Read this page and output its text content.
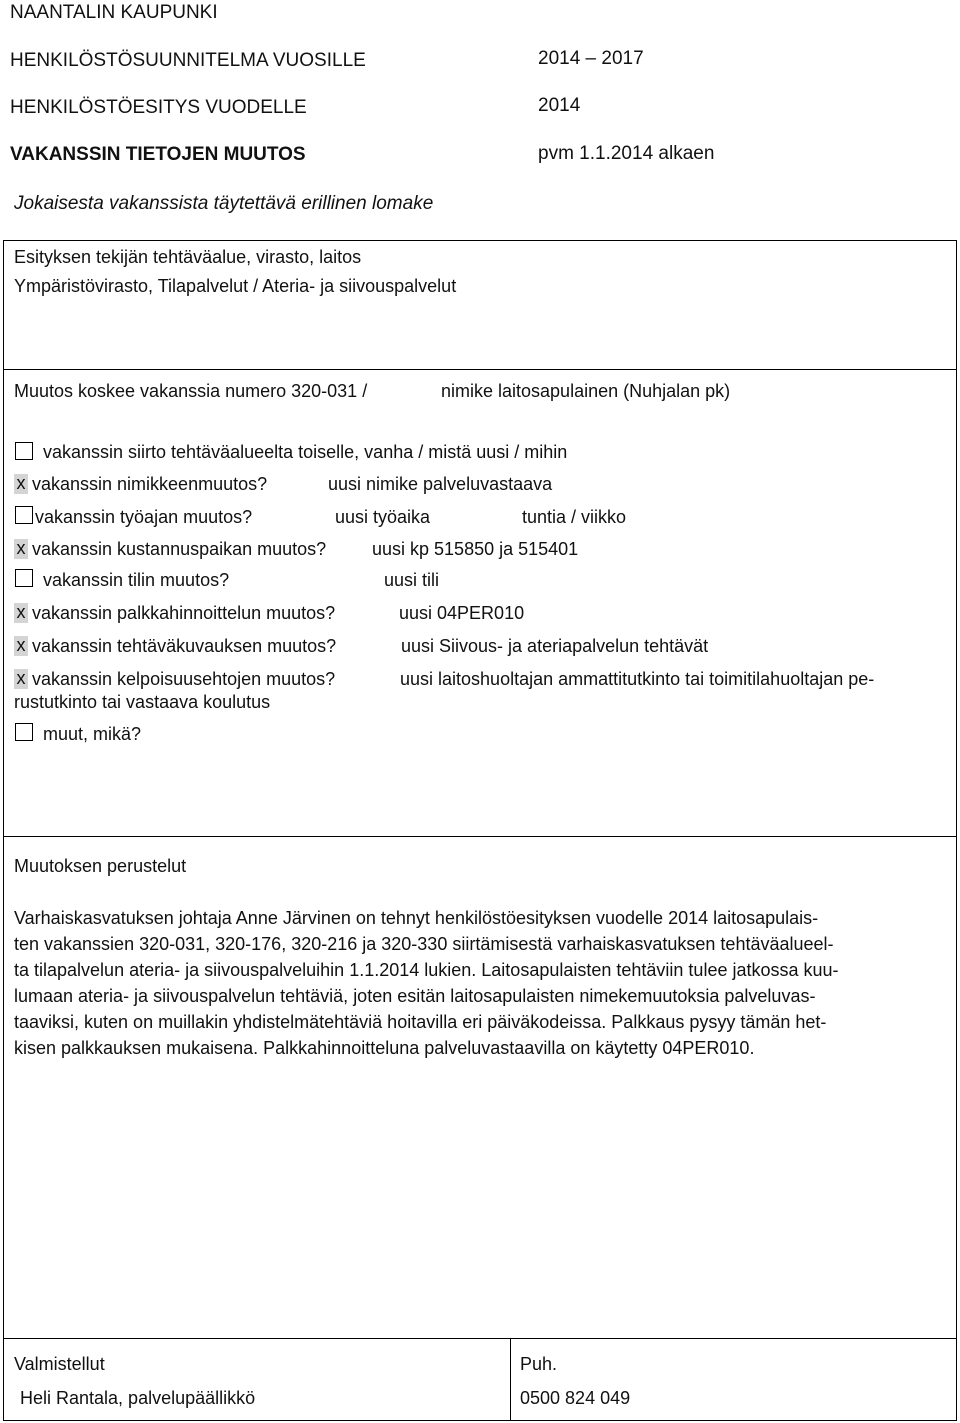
NAANTALIN KAUPUNKI
HENKILÖSTÖSUUNNITELMA VUOSILLE	2014 – 2017
HENKILÖSTÖESITYS VUODELLE	2014
VAKANSSIN TIETOJEN MUUTOS	pvm 1.1.2014 alkaen
Jokaisesta vakanssista täytettävä erillinen lomake
Esityksen tekijän tehtäväalue, virasto, laitos
Ympäristövirasto, Tilapalvelut / Ateria- ja siivouspalvelut
Muutos koskee vakanssia numero 320-031 /	nimike laitosapulainen (Nuhjalan pk)
vakanssin siirto tehtäväalueelta toiselle, vanha / mistä uusi / mihin
x vakanssin nimikkeenmuutos?	uusi nimike palveluvastaava
vakanssin työajan muutos?	uusi työaika	tuntia / viikko
x vakanssin kustannuspaikan muutos?	uusi kp 515850 ja 515401
vakanssin tilin muutos?	uusi tili
x vakanssin palkkahinnoittelun muutos?	uusi 04PER010
x vakanssin tehtäväkuvauksen muutos?	uusi Siivous- ja ateriapalvelun tehtävät
x vakanssin kelpoisuusehtojen muutos?	uusi laitoshuoltajan ammattitutkinto tai toimitilahuoltajan pe-
rustutkinto tai vastaava koulutus
muut, mikä?
Muutoksen perustelut
Varhaiskasvatuksen johtaja Anne Järvinen on tehnyt henkilöstöesityksen vuodelle 2014 laitosapulais-
ten vakanssien 320-031, 320-176, 320-216 ja 320-330 siirtämisestä varhaiskasvatuksen tehtäväalueel-
ta tilapalvelun ateria- ja siivouspalveluihin 1.1.2014 lukien. Laitosapulaisten tehtäviin tulee jatkossa kuu-
lumaan ateria- ja siivouspalvelun tehtäviä, joten esitän laitosapulaisten nimekemuutoksia palveluvas-
taaviksi, kuten on muillakin yhdistelmätehtäviä hoitavilla eri päiväkodeissa. Palkkaus pysyy tämän het-
kisen palkkauksen mukaisena. Palkkahinnoitteluna palveluvastaavilla on käytetty 04PER010.
Valmistellut
Heli Rantala, palvelupäällikkö
Puh.
0500 824 049
